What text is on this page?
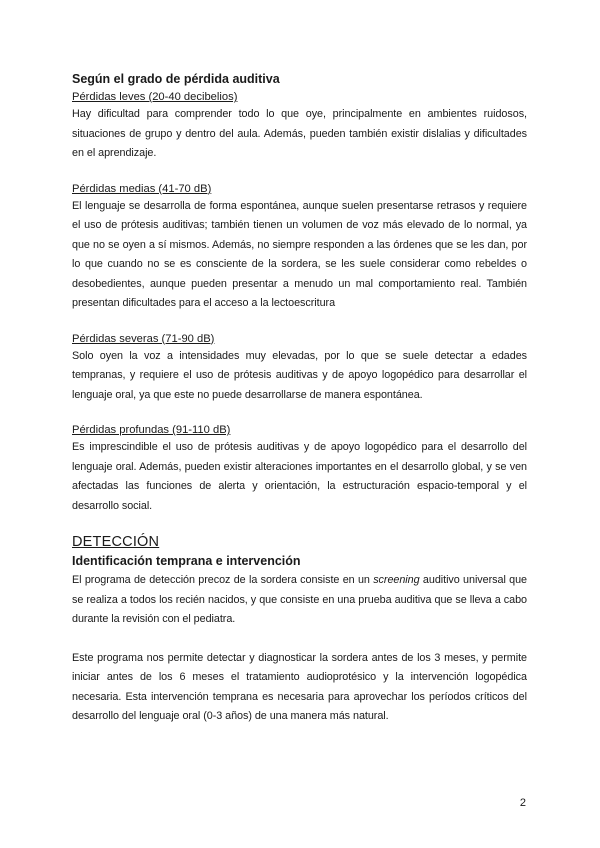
Según el grado de pérdida auditiva

Pérdidas leves (20-40 decibelios)

Hay dificultad para comprender todo lo que oye, principalmente en ambientes ruidosos, situaciones de grupo y dentro del aula. Además, pueden también existir dislalias y dificultades en el aprendizaje.

Pérdidas medias (41-70 dB)

El lenguaje se desarrolla de forma espontánea, aunque suelen presentarse retrasos y requiere el uso de prótesis auditivas; también tienen un volumen de voz más elevado de lo normal, ya que no se oyen a sí mismos. Además, no siempre responden a las órdenes que se les dan, por lo que cuando no se es consciente de la sordera, se les suele considerar como rebeldes o desobedientes, aunque pueden presentar a menudo un mal comportamiento real. También presentan dificultades para el acceso a la lectoescritura

Pérdidas severas (71-90 dB)

Solo oyen la voz a intensidades muy elevadas, por lo que se suele detectar a edades tempranas, y requiere el uso de prótesis auditivas y de apoyo logopédico para desarrollar el lenguaje oral, ya que este no puede desarrollarse de manera espontánea.

Pérdidas profundas (91-110 dB)

Es imprescindible el uso de prótesis auditivas y de apoyo logopédico para el desarrollo del lenguaje oral. Además, pueden existir alteraciones importantes en el desarrollo global, y se ven afectadas las funciones de alerta y orientación, la estructuración espacio-temporal y el desarrollo social.

DETECCIÓN

Identificación temprana e intervención

El programa de detección precoz de la sordera consiste en un screening auditivo universal que se realiza a todos los recién nacidos, y que consiste en una prueba auditiva que se lleva a cabo durante la revisión con el pediatra.

Este programa nos permite detectar y diagnosticar la sordera antes de los 3 meses, y permite iniciar antes de los 6 meses el tratamiento audioprotésico y la intervención logopédica necesaria. Esta intervención temprana es necesaria para aprovechar los períodos críticos del desarrollo del lenguaje oral (0-3 años) de una manera más natural.

2
